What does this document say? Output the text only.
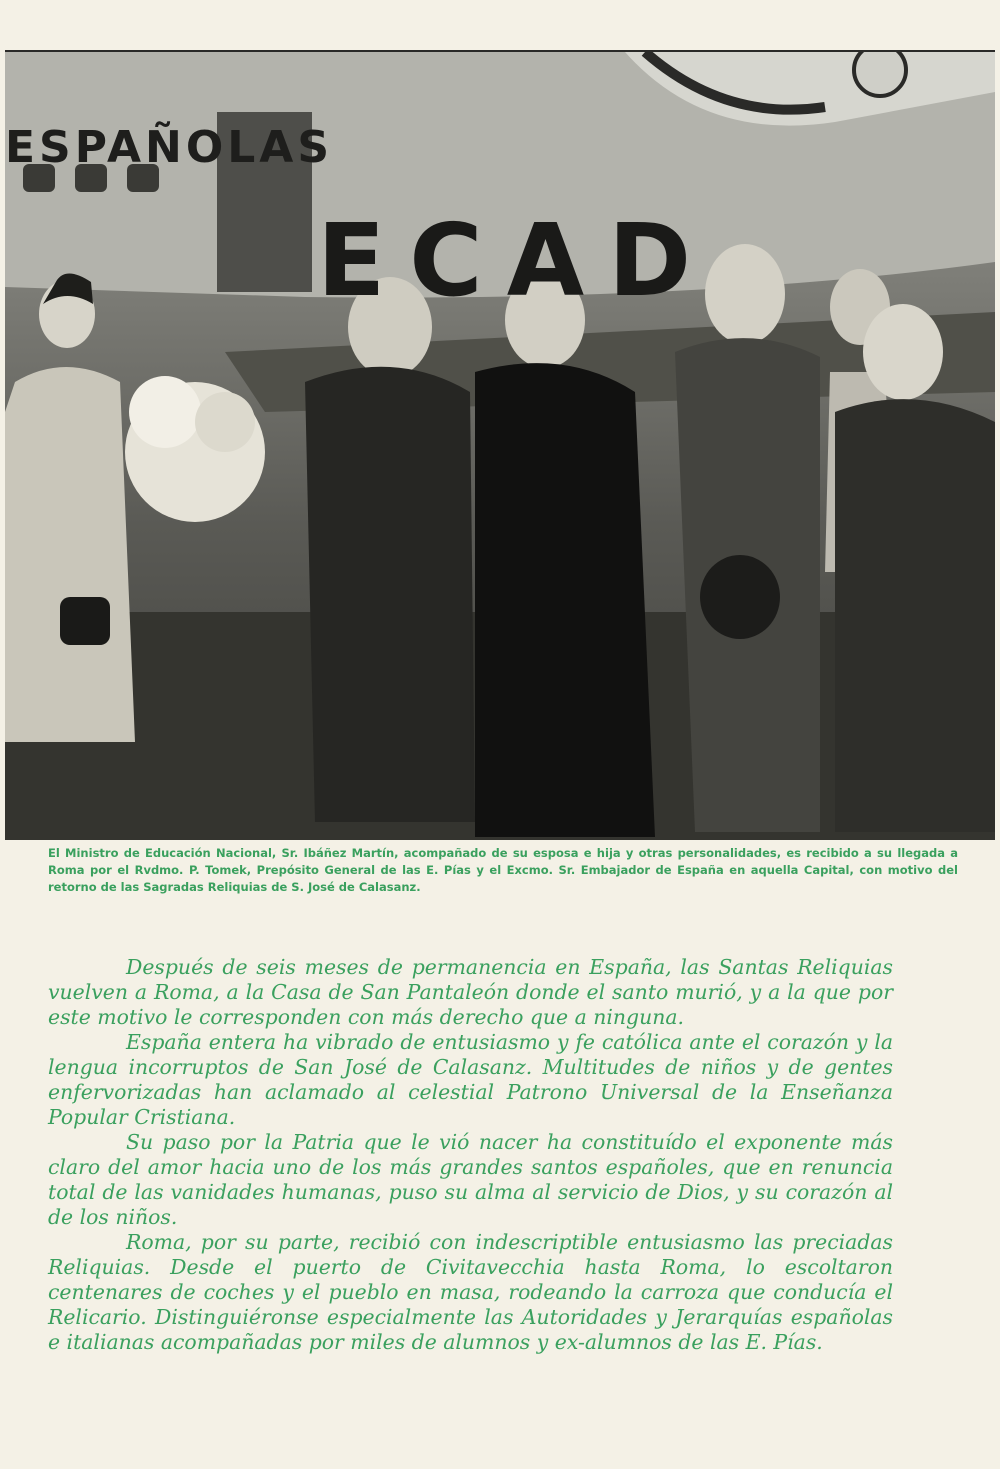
ESPAÑOLAS
ECAD
El Ministro de Educación Nacional, Sr. Ibáñez Martín, acompañado de su esposa e hija y otras personalidades, es recibido a su llegada a Roma por el Rvdmo. P. Tomek, Prepósito General de las E. Pías y el Excmo. Sr. Embajador de España en aquella Capital, con motivo del retorno de las Sagradas Reliquias de S. José de Calasanz.

Después de seis meses de permanencia en España, las Santas Reliquias vuelven a Roma, a la Casa de San Pantaleón donde el santo murió, y a la que por este motivo le corresponden con más derecho que a ninguna.

España entera ha vibrado de entusiasmo y fe católica ante el corazón y la lengua incorruptos de San José de Calasanz. Multitudes de niños y de gentes enfervorizadas han aclamado al celestial Patrono Universal de la Enseñanza Popular Cristiana.

Su paso por la Patria que le vió nacer ha constituído el exponente más claro del amor hacia uno de los más grandes santos españoles, que en renuncia total de las vanidades humanas, puso su alma al servicio de Dios, y su corazón al de los niños.

Roma, por su parte, recibió con indescriptible entusiasmo las preciadas Reliquias. Desde el puerto de Civitavecchia hasta Roma, lo escoltaron centenares de coches y el pueblo en masa, rodeando la carroza que conducía el Relicario. Distinguiéronse especialmente las Autoridades y Jerarquías españolas e italianas acompañadas por miles de alumnos y ex-alumnos de las E. Pías.
